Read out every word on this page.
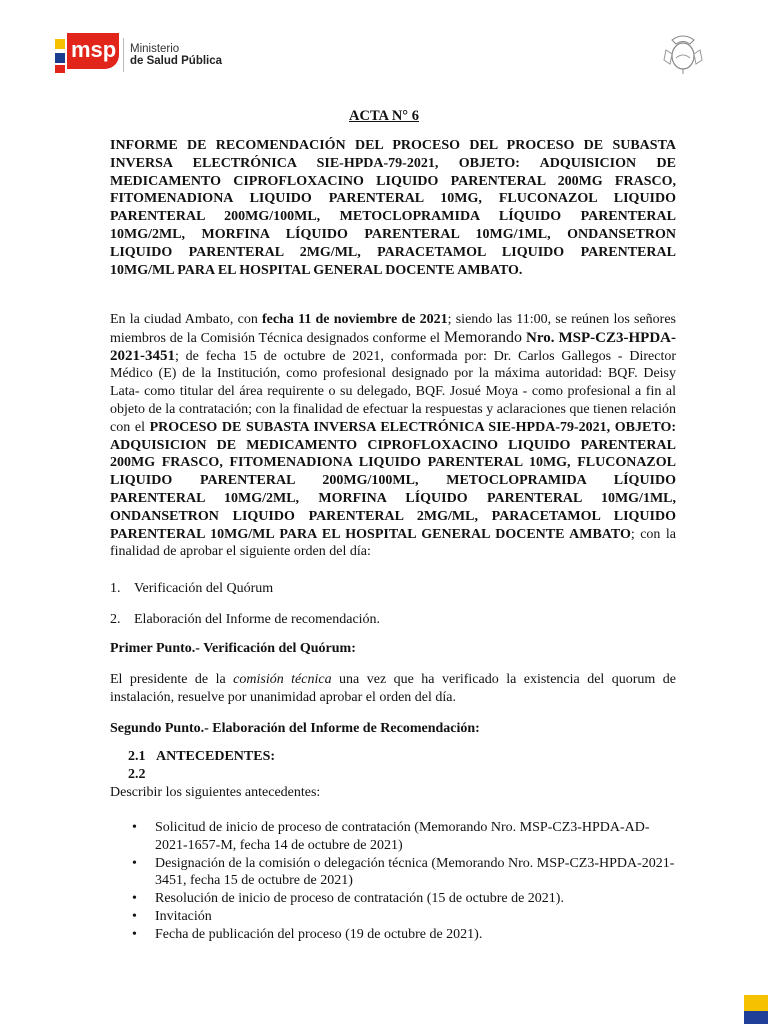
msp Ministerio
de Salud Pública
ACTA N° 6
INFORME DE RECOMENDACIÓN DEL PROCESO DEL PROCESO DE SUBASTA INVERSA ELECTRÓNICA SIE-HPDA-79-2021, OBJETO: ADQUISICION DE MEDICAMENTO CIPROFLOXACINO LIQUIDO PARENTERAL 200MG FRASCO, FITOMENADIONA LIQUIDO PARENTERAL 10MG, FLUCONAZOL LIQUIDO PARENTERAL 200MG/100ML, METOCLOPRAMIDA LÍQUIDO PARENTERAL 10MG/2ML, MORFINA LÍQUIDO PARENTERAL 10MG/1ML, ONDANSETRON LIQUIDO PARENTERAL 2MG/ML, PARACETAMOL LIQUIDO PARENTERAL 10MG/ML PARA EL HOSPITAL GENERAL DOCENTE AMBATO.
En la ciudad Ambato, con fecha 11 de noviembre de 2021; siendo las 11:00, se reúnen los señores miembros de la Comisión Técnica designados conforme el Memorando Nro. MSP-CZ3-HPDA- 2021-3451; de fecha 15 de octubre de 2021, conformada por: Dr. Carlos Gallegos - Director Médico (E) de la Institución, como profesional designado por la máxima autoridad: BQF. Deisy Lata- como titular del área requirente o su delegado, BQF. Josué Moya - como profesional a fin al objeto de la contratación; con la finalidad de efectuar la respuestas y aclaraciones que tienen relación con el PROCESO DE SUBASTA INVERSA ELECTRÓNICA SIE-HPDA-79-2021, OBJETO: ADQUISICION DE MEDICAMENTO CIPROFLOXACINO LIQUIDO PARENTERAL 200MG FRASCO, FITOMENADIONA LIQUIDO PARENTERAL 10MG, FLUCONAZOL LIQUIDO PARENTERAL 200MG/100ML, METOCLOPRAMIDA LÍQUIDO PARENTERAL 10MG/2ML, MORFINA LÍQUIDO PARENTERAL 10MG/1ML, ONDANSETRON LIQUIDO PARENTERAL 2MG/ML, PARACETAMOL LIQUIDO PARENTERAL 10MG/ML PARA EL HOSPITAL GENERAL DOCENTE AMBATO; con la finalidad de aprobar el siguiente orden del día:
1. Verificación del Quórum
2. Elaboración del Informe de recomendación.
Primer Punto.- Verificación del Quórum:
El presidente de la comisión técnica una vez que ha verificado la existencia del quorum de instalación, resuelve por unanimidad aprobar el orden del día.
Segundo Punto.- Elaboración del Informe de Recomendación:
2.1 ANTECEDENTES:
2.2
Describir los siguientes antecedentes:
• Solicitud de inicio de proceso de contratación (Memorando Nro. MSP-CZ3-HPDA-AD-2021-1657-M, fecha 14 de octubre de 2021)
• Designación de la comisión o delegación técnica (Memorando Nro. MSP-CZ3-HPDA-2021-3451, fecha 15 de octubre de 2021)
• Resolución de inicio de proceso de contratación (15 de octubre de 2021).
• Invitación
• Fecha de publicación del proceso (19 de octubre de 2021).
